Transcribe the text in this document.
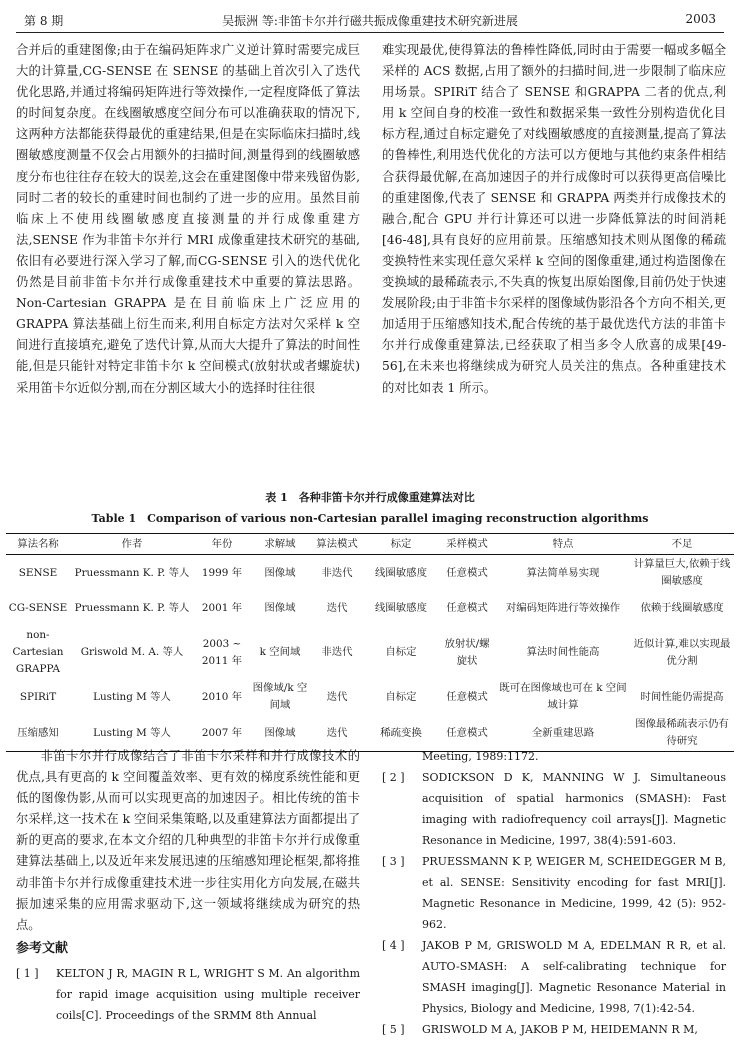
第 8 期	吴振洲 等:非笛卡尔并行磁共振成像重建技术研究新进展	2003

合并后的重建图像;由于在编码矩阵求广义逆计算时需要完成巨大的计算量,CG-SENSE 在 SENSE 的基础上首次引入了迭代优化思路,并通过将编码矩阵进行等效操作,一定程度降低了算法的时间复杂度。在线圈敏感度空间分布可以准确获取的情况下,这两种方法都能获得最优的重建结果,但是在实际临床扫描时,线圈敏感度测量不仅会占用额外的扫描时间,测量得到的线圈敏感度分布也往往存在较大的误差,这会在重建图像中带来残留伪影,同时二者的较长的重建时间也制约了进一步的应用。虽然目前临床上不使用线圈敏感度直接测量的并行成像重建方法,SENSE 作为非笛卡尔并行 MRI 成像重建技术研究的基础,依旧有必要进行深入学习了解,而CG-SENSE 引入的迭代优化仍然是目前非笛卡尔并行成像重建技术中重要的算法思路。Non-Cartesian GRAPPA 是在目前临床上广泛应用的 GRAPPA 算法基础上衍生而来,利用自标定方法对欠采样 k 空间进行直接填充,避免了迭代计算,从而大大提升了算法的时间性能,但是只能针对特定非笛卡尔 k 空间模式(放射状或者螺旋状)采用笛卡尔近似分割,而在分割区域大小的选择时往往很

难实现最优,使得算法的鲁棒性降低,同时由于需要一幅或多幅全采样的 ACS 数据,占用了额外的扫描时间,进一步限制了临床应用场景。SPIRiT 结合了 SENSE 和GRAPPA 二者的优点,利用 k 空间自身的校准一致性和数据采集一致性分别构造优化目标方程,通过自标定避免了对线圈敏感度的直接测量,提高了算法的鲁棒性,利用迭代优化的方法可以方便地与其他约束条件相结合获得最优解,在高加速因子的并行成像时可以获得更高信噪比的重建图像,代表了 SENSE 和 GRAPPA 两类并行成像技术的融合,配合 GPU 并行计算还可以进一步降低算法的时间消耗[46-48],具有良好的应用前景。压缩感知技术则从图像的稀疏变换特性来实现任意欠采样 k 空间的图像重建,通过构造图像在变换域的最稀疏表示,不失真的恢复出原始图像,目前仍处于快速发展阶段;由于非笛卡尔采样的图像域伪影沿各个方向不相关,更加适用于压缩感知技术,配合传统的基于最优迭代方法的非笛卡尔并行成像重建算法,已经获取了相当多令人欣喜的成果[49-56],在未来也将继续成为研究人员关注的焦点。各种重建技术的对比如表 1 所示。

表 1　各种非笛卡尔并行成像重建算法对比
Table 1　Comparison of various non-Cartesian parallel imaging reconstruction algorithms
算法名称	作者	年份	求解域	算法模式	标定	采样模式	特点	不足
SENSE	Pruessmann K. P. 等人	1999 年	图像域	非迭代	线圈敏感度	任意模式	算法简单易实现	计算量巨大,依赖于线圈敏感度
CG-SENSE	Pruessmann K. P. 等人	2001 年	图像域	迭代	线圈敏感度	任意模式	对编码矩阵进行等效操作	依赖于线圈敏感度
non-Cartesian GRAPPA	Griswold M. A. 等人	2003 ~ 2011 年	k 空间域	非迭代	自标定	放射状/螺旋状	算法时间性能高	近似计算,难以实现最优分割
SPIRiT	Lusting M 等人	2010 年	图像域/k 空间域	迭代	自标定	任意模式	既可在图像域也可在 k 空间域计算	时间性能仍需提高
压缩感知	Lusting M 等人	2007 年	图像域	迭代	稀疏变换	任意模式	全新重建思路	图像最稀疏表示仍有待研究

非笛卡尔并行成像结合了非笛卡尔采样和并行成像技术的优点,具有更高的 k 空间覆盖效率、更有效的梯度系统性能和更低的图像伪影,从而可以实现更高的加速因子。相比传统的笛卡尔采样,这一技术在 k 空间采集策略,以及重建算法方面都提出了新的更高的要求,在本文介绍的几种典型的非笛卡尔并行成像重建算法基础上,以及近年来发展迅速的压缩感知理论框架,都将推动非笛卡尔并行成像重建技术进一步往实用化方向发展,在磁共振加速采集的应用需求驱动下,这一领域将继续成为研究的热点。

参考文献
[ 1 ] KELTON J R, MAGIN R L, WRIGHT S M. An algorithm for rapid image acquisition using multiple receiver coils[C]. Proceedings of the SRMM 8th Annual
Meeting, 1989:1172.
[ 2 ] SODICKSON D K, MANNING W J. Simultaneous acquisition of spatial harmonics (SMASH): Fast imaging with radiofrequency coil arrays[J]. Magnetic Resonance in Medicine, 1997, 38(4):591-603.
[ 3 ] PRUESSMANN K P, WEIGER M, SCHEIDEGGER M B, et al. SENSE: Sensitivity encoding for fast MRI[J]. Magnetic Resonance in Medicine, 1999, 42 (5): 952-962.
[ 4 ] JAKOB P M, GRISWOLD M A, EDELMAN R R, et al. AUTO-SMASH: A self-calibrating technique for SMASH imaging[J]. Magnetic Resonance Material in Physics, Biology and Medicine, 1998, 7(1):42-54.
[ 5 ] GRISWOLD M A, JAKOB P M, HEIDEMANN R M,
